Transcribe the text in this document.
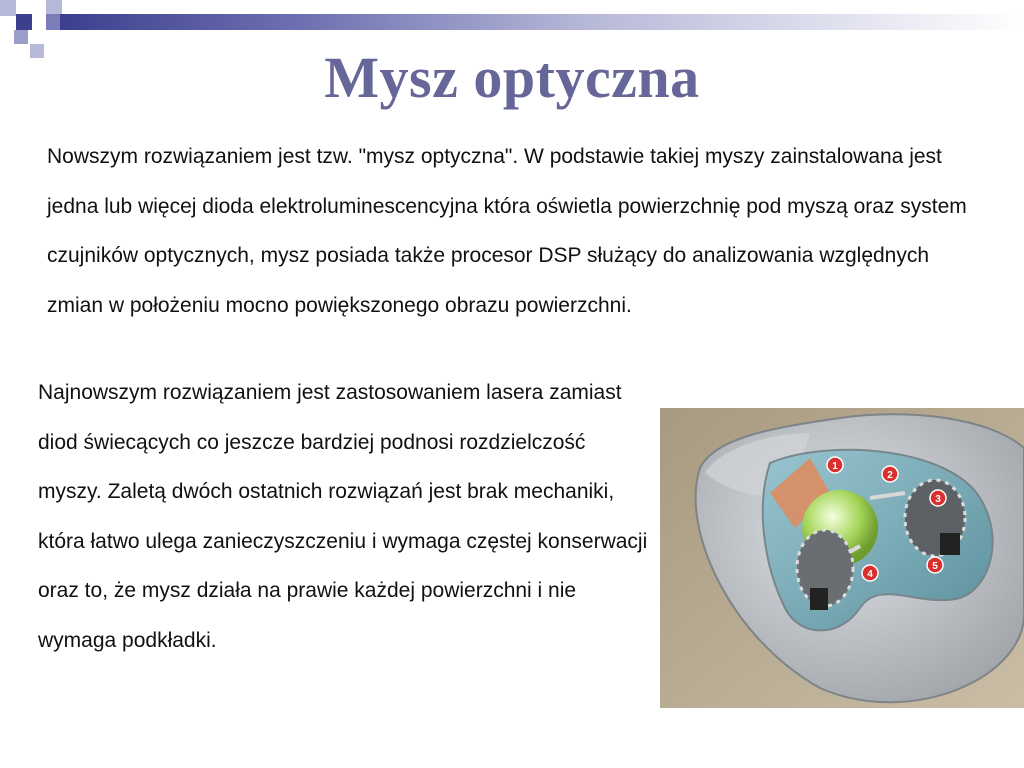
Mysz optyczna
Nowszym rozwiązaniem jest tzw. "mysz optyczna". W podstawie takiej myszy zainstalowana jest jedna lub więcej dioda elektroluminescencyjna która oświetla powierzchnię pod myszą oraz system czujników optycznych, mysz posiada także procesor DSP służący do analizowania względnych zmian w położeniu mocno powiększonego obrazu powierzchni.
Najnowszym rozwiązaniem jest zastosowaniem lasera zamiast diod świecących co jeszcze bardziej podnosi rozdzielczość myszy. Zaletą dwóch ostatnich rozwiązań jest brak mechaniki, która łatwo ulega zanieczyszczeniu i wymaga częstej konserwacji oraz to, że mysz działa na prawie każdej powierzchni i nie wymaga podkładki.
1
2
3
4
5
